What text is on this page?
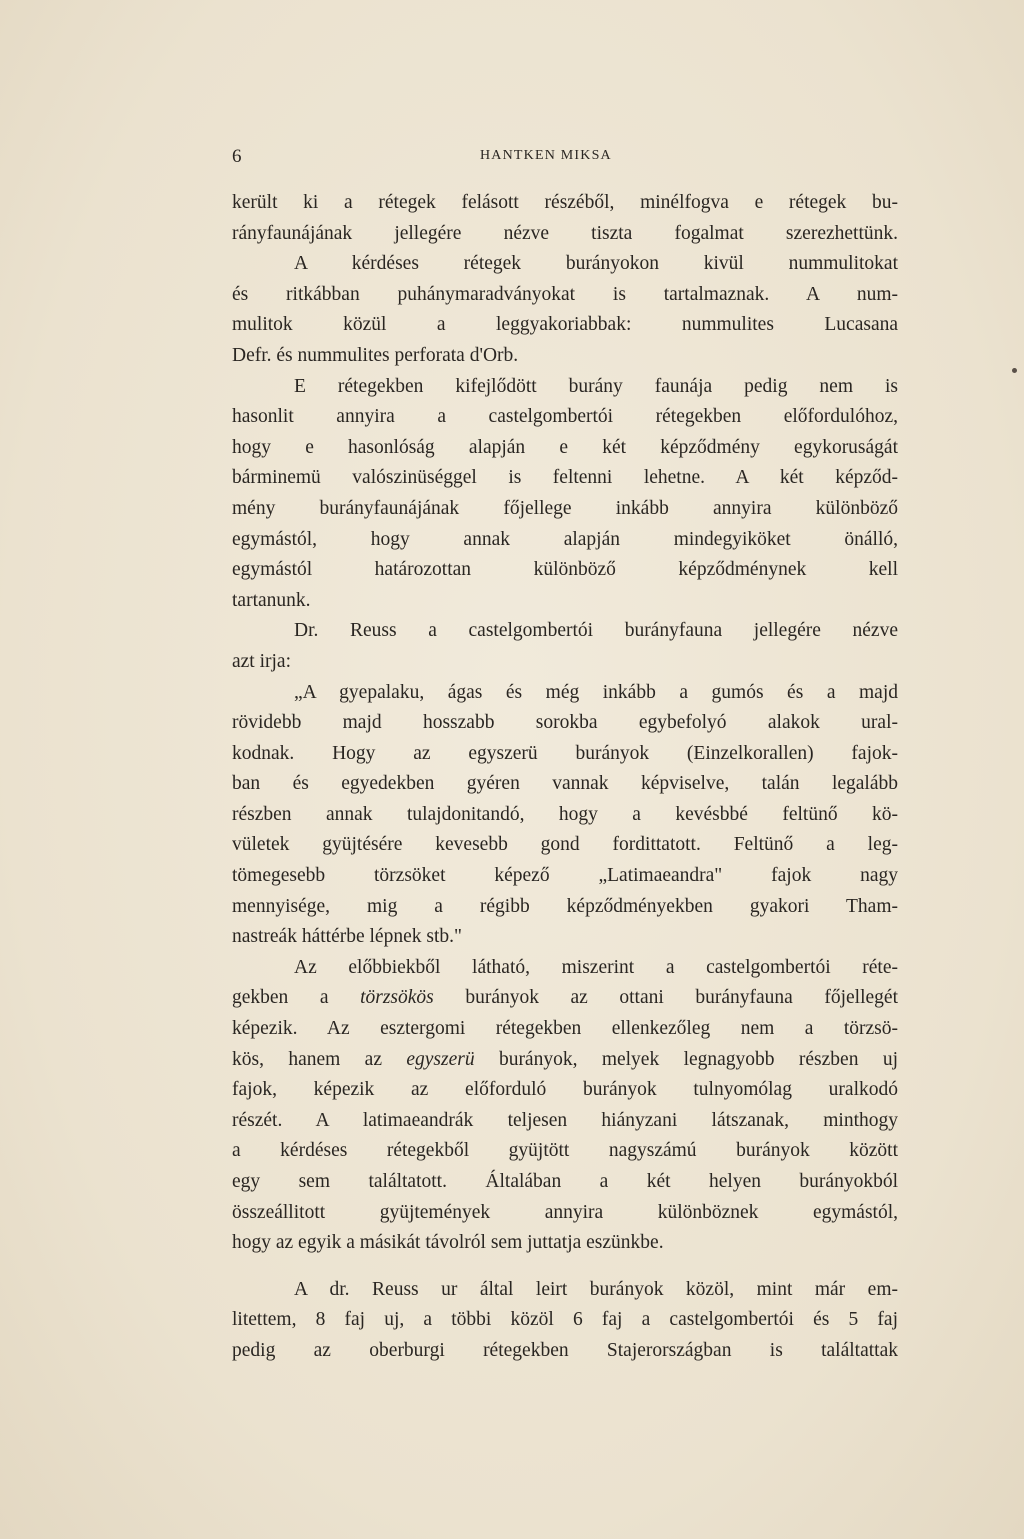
6	HANTKEN MIKSA
került ki a rétegek felásott részéből, minélfogva e rétegek bu-
rányfaunájának jellegére nézve tiszta fogalmat szerezhettünk.
A kérdéses rétegek burányokon kivül nummulitokat
és ritkábban puhánymaradványokat is tartalmaznak. A num-
mulitok közül a leggyakoriabbak: nummulites Lucasana
Defr. és nummulites perforata d'Orb.
E rétegekben kifejlődött burány faunája pedig nem is
hasonlit annyira a castelgombertói rétegekben előfordulóhoz,
hogy e hasonlóság alapján e két képződmény egykoruságát
bárminemü valószinüséggel is feltenni lehetne. A két képződ-
mény burányfaunájának főjellege inkább annyira különböző
egymástól, hogy annak alapján mindegyiköket önálló,
egymástól határozottan különböző képződménynek kell
tartanunk.
Dr. Reuss a castelgombertói burányfauna jellegére nézve
azt irja:
„A gyepalaku, ágas és még inkább a gumós és a majd
rövidebb majd hosszabb sorokba egybefolyó alakok ural-
kodnak. Hogy az egyszerü burányok (Einzelkorallen) fajok-
ban és egyedekben gyéren vannak képviselve, talán legalább
részben annak tulajdonitandó, hogy a kevésbbé feltünő kö-
vületek gyüjtésére kevesebb gond fordittatott. Feltünő a leg-
tömegesebb törzsöket képező „Latimaeandra" fajok nagy
mennyisége, mig a régibb képződményekben gyakori Tham-
nastreák háttérbe lépnek stb."
Az előbbiekből látható, miszerint a castelgombertói réte-
gekben a törzsökös burányok az ottani burányfauna főjellegét
képezik. Az esztergomi rétegekben ellenkezőleg nem a törzsö-
kös, hanem az egyszerü burányok, melyek legnagyobb részben uj
fajok, képezik az előforduló burányok tulnyomólag uralkodó
részét. A latimaeandrák teljesen hiányzani látszanak, minthogy
a kérdéses rétegekből gyüjtött nagyszámú burányok között
egy sem találtatott. Általában a két helyen burányokból
összeállitott gyüjtemények annyira különböznek egymástól,
hogy az egyik a másikát távolról sem juttatja eszünkbe.
A dr. Reuss ur által leirt burányok közöl, mint már em-
litettem, 8 faj uj, a többi közöl 6 faj a castelgombertói és 5 faj
pedig az oberburgi rétegekben Stajerországban is találtattak
